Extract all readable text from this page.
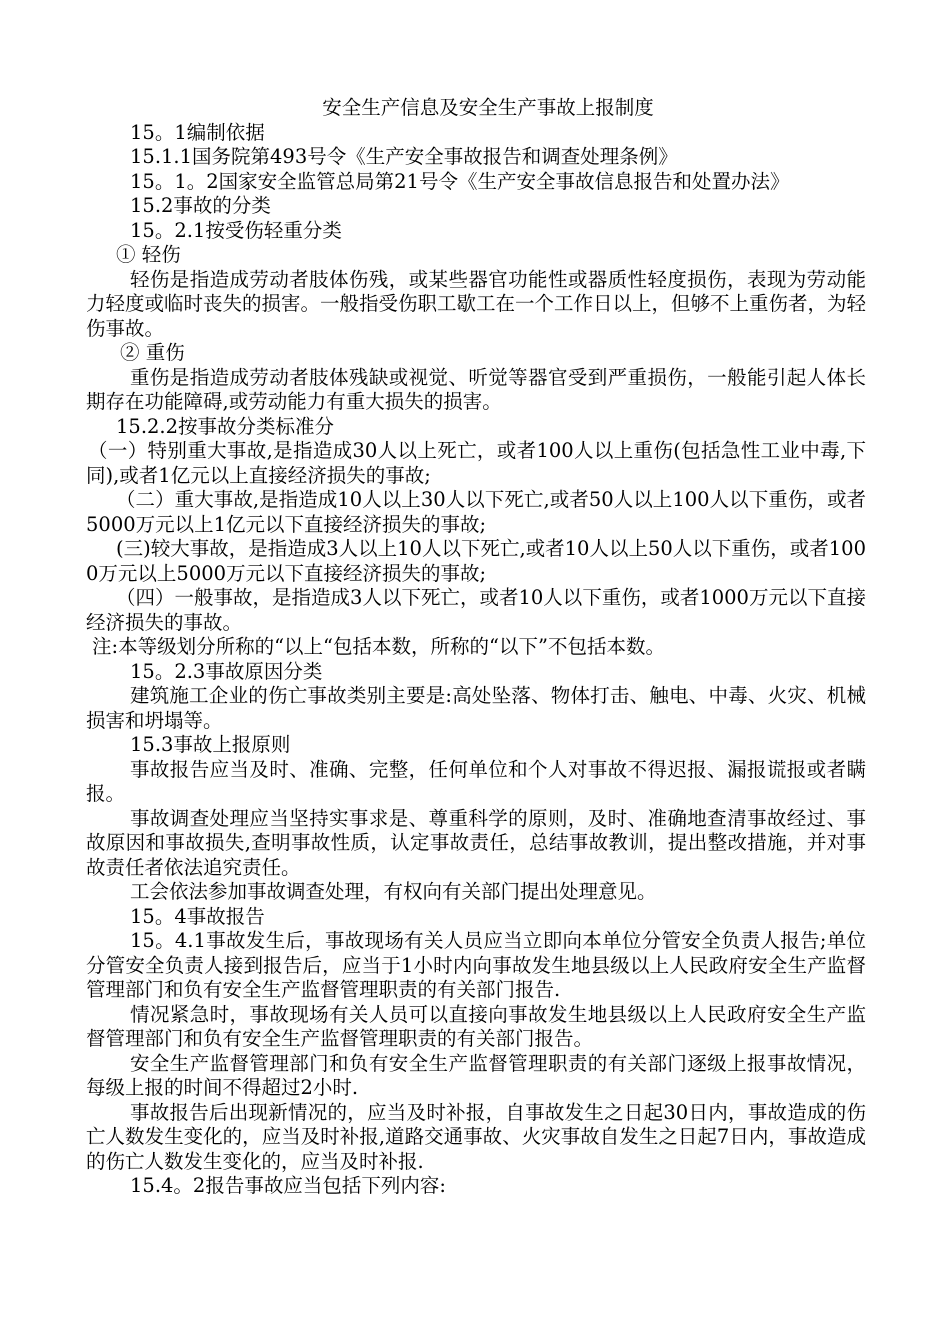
安全生产信息及安全生产事故上报制度

15。1编制依据

15.1.1国务院第493号令《生产安全事故报告和调查处理条例》

15。1。2国家安全监管总局第21号令《生产安全事故信息报告和处置办法》

15.2事故的分类

15。2.1按受伤轻重分类

① 轻伤

轻伤是指造成劳动者肢体伤残，或某些器官功能性或器质性轻度损伤，表现为劳动能力轻度或临时丧失的损害。一般指受伤职工歇工在一个工作日以上，但够不上重伤者，为轻伤事故。

② 重伤

重伤是指造成劳动者肢体残缺或视觉、听觉等器官受到严重损伤，一般能引起人体长期存在功能障碍,或劳动能力有重大损失的损害。

15.2.2按事故分类标准分

（一）特别重大事故,是指造成30人以上死亡，或者100人以上重伤(包括急性工业中毒,下同),或者1亿元以上直接经济损失的事故;

（二）重大事故,是指造成10人以上30人以下死亡,或者50人以上100人以下重伤，或者5000万元以上1亿元以下直接经济损失的事故;

(三)较大事故，是指造成3人以上10人以下死亡,或者10人以上50人以下重伤，或者1000万元以上5000万元以下直接经济损失的事故;

（四）一般事故，是指造成3人以下死亡，或者10人以下重伤，或者1000万元以下直接经济损失的事故。

注:本等级划分所称的“以上“包括本数，所称的“以下”不包括本数。

15。2.3事故原因分类

建筑施工企业的伤亡事故类别主要是:高处坠落、物体打击、触电、中毒、火灾、机械损害和坍塌等。

15.3事故上报原则

事故报告应当及时、准确、完整，任何单位和个人对事故不得迟报、漏报谎报或者瞒报。

事故调查处理应当坚持实事求是、尊重科学的原则，及时、准确地查清事故经过、事故原因和事故损失,查明事故性质，认定事故责任，总结事故教训，提出整改措施，并对事故责任者依法追究责任。

工会依法参加事故调查处理，有权向有关部门提出处理意见。

15。4事故报告

15。4.1事故发生后，事故现场有关人员应当立即向本单位分管安全负责人报告;单位分管安全负责人接到报告后，应当于1小时内向事故发生地县级以上人民政府安全生产监督管理部门和负有安全生产监督管理职责的有关部门报告.

情况紧急时，事故现场有关人员可以直接向事故发生地县级以上人民政府安全生产监督管理部门和负有安全生产监督管理职责的有关部门报告。

安全生产监督管理部门和负有安全生产监督管理职责的有关部门逐级上报事故情况，每级上报的时间不得超过2小时.

事故报告后出现新情况的，应当及时补报，自事故发生之日起30日内，事故造成的伤亡人数发生变化的，应当及时补报,道路交通事故、火灾事故自发生之日起7日内，事故造成的伤亡人数发生变化的，应当及时补报.

15.4。2报告事故应当包括下列内容:
